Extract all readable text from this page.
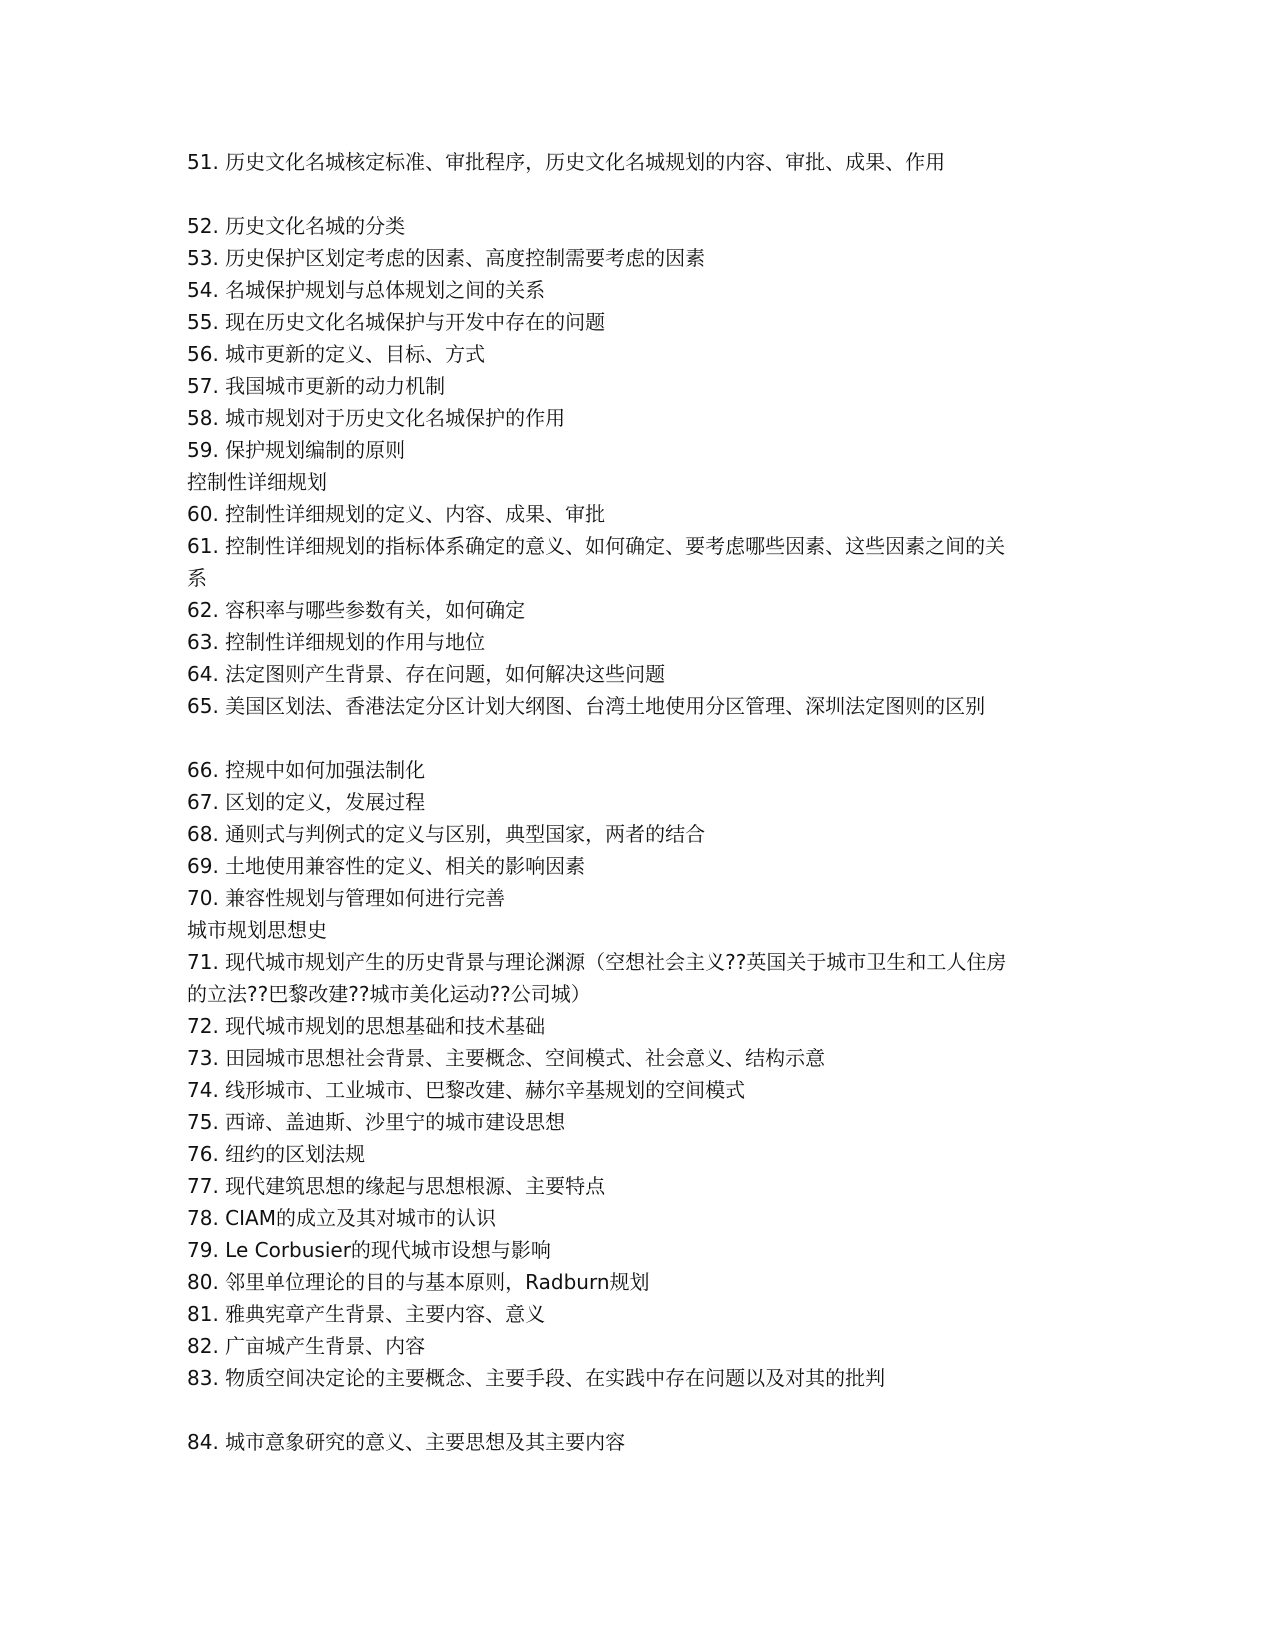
51. 历史文化名城核定标准、审批程序，历史文化名城规划的内容、审批、成果、作用
52. 历史文化名城的分类
53. 历史保护区划定考虑的因素、高度控制需要考虑的因素
54. 名城保护规划与总体规划之间的关系
55. 现在历史文化名城保护与开发中存在的问题
56. 城市更新的定义、目标、方式
57. 我国城市更新的动力机制
58. 城市规划对于历史文化名城保护的作用
59. 保护规划编制的原则
控制性详细规划
60. 控制性详细规划的定义、内容、成果、审批
61. 控制性详细规划的指标体系确定的意义、如何确定、要考虑哪些因素、这些因素之间的关
系
62. 容积率与哪些参数有关，如何确定
63. 控制性详细规划的作用与地位
64. 法定图则产生背景、存在问题，如何解决这些问题
65. 美国区划法、香港法定分区计划大纲图、台湾土地使用分区管理、深圳法定图则的区别
66. 控规中如何加强法制化
67. 区划的定义，发展过程
68. 通则式与判例式的定义与区别，典型国家，两者的结合
69. 土地使用兼容性的定义、相关的影响因素
70. 兼容性规划与管理如何进行完善
城市规划思想史
71. 现代城市规划产生的历史背景与理论渊源（空想社会主义??英国关于城市卫生和工人住房
的立法??巴黎改建??城市美化运动??公司城）
72. 现代城市规划的思想基础和技术基础
73. 田园城市思想社会背景、主要概念、空间模式、社会意义、结构示意
74. 线形城市、工业城市、巴黎改建、赫尔辛基规划的空间模式
75. 西谛、盖迪斯、沙里宁的城市建设思想
76. 纽约的区划法规
77. 现代建筑思想的缘起与思想根源、主要特点
78. CIAM的成立及其对城市的认识
79. Le Corbusier的现代城市设想与影响
80. 邻里单位理论的目的与基本原则，Radburn规划
81. 雅典宪章产生背景、主要内容、意义
82. 广亩城产生背景、内容
83. 物质空间决定论的主要概念、主要手段、在实践中存在问题以及对其的批判
84. 城市意象研究的意义、主要思想及其主要内容
